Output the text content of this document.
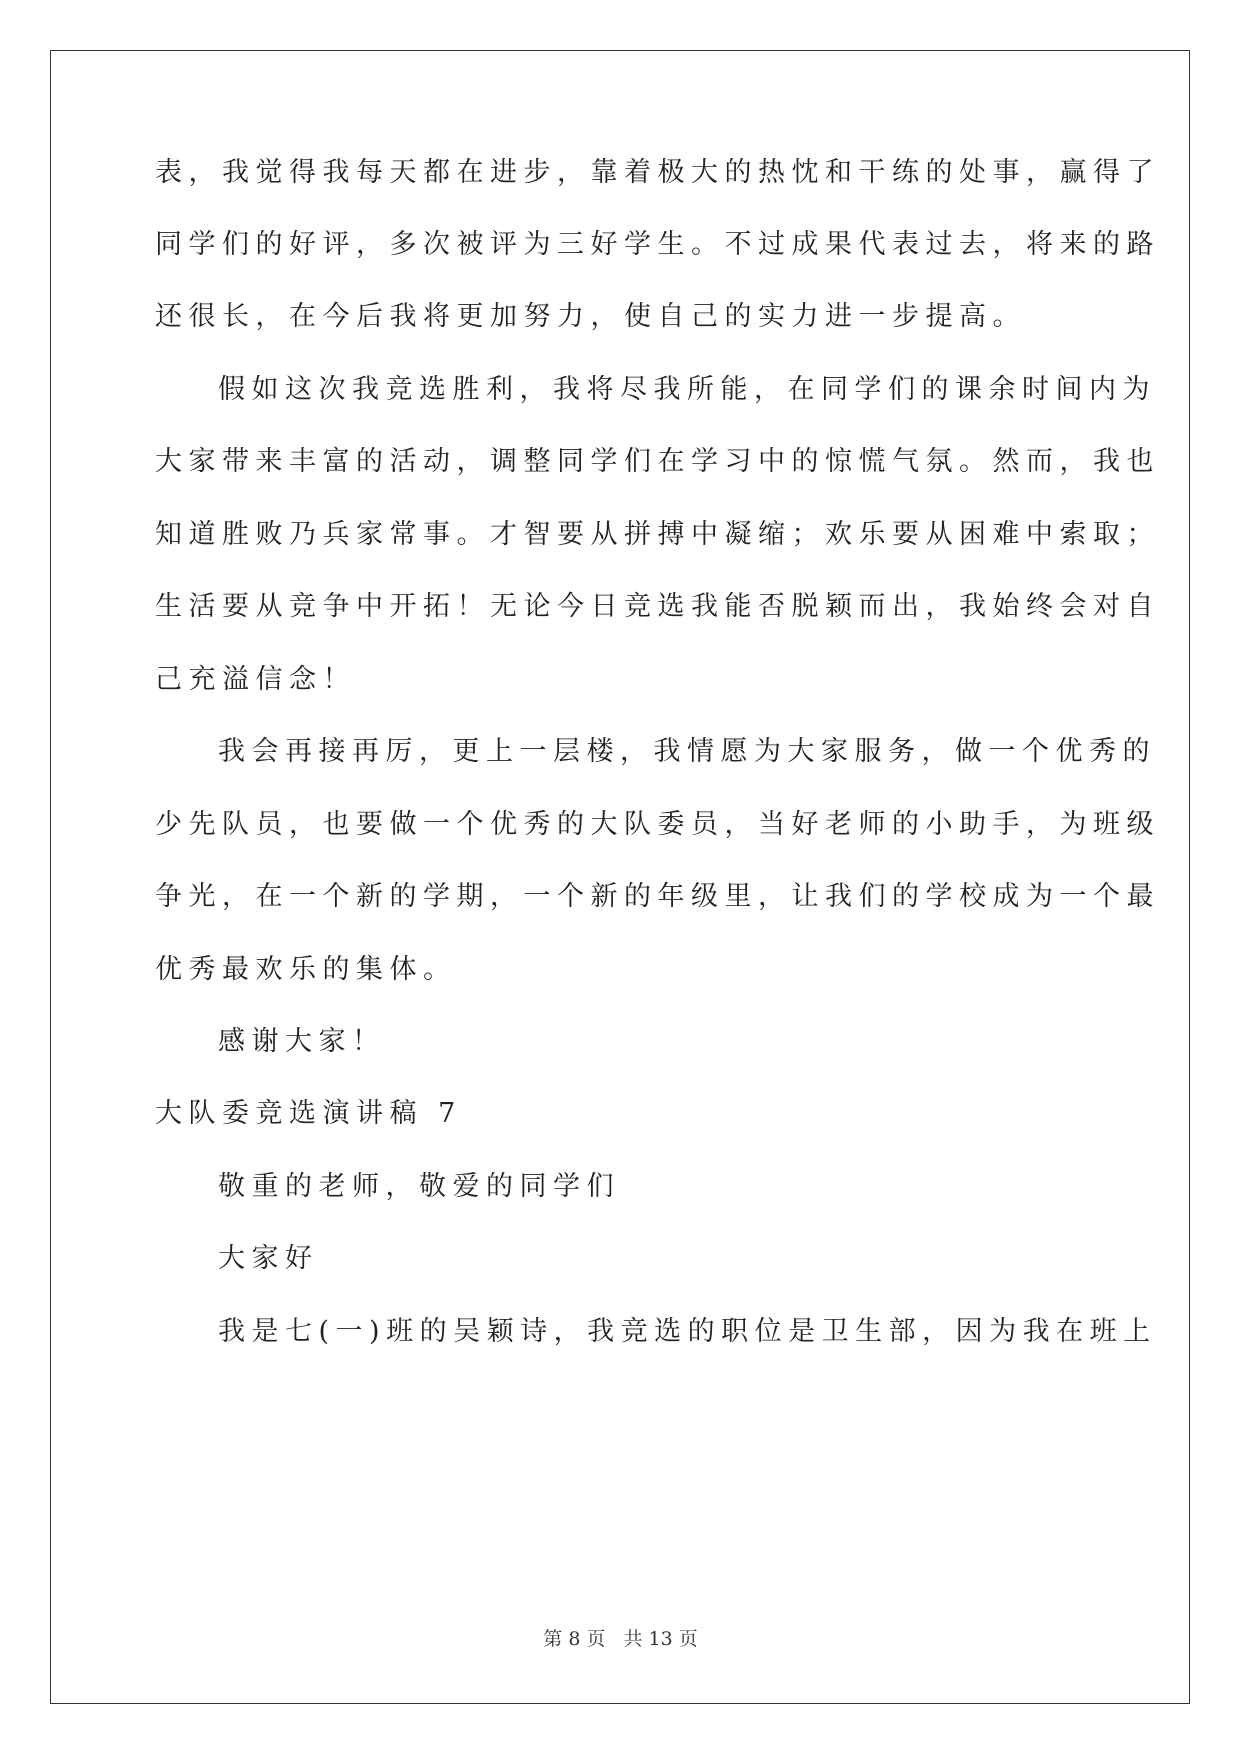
表，我觉得我每天都在进步，靠着极大的热忱和干练的处事，赢得了
同学们的好评，多次被评为三好学生。不过成果代表过去，将来的路
还很长，在今后我将更加努力，使自己的实力进一步提高。
假如这次我竞选胜利，我将尽我所能，在同学们的课余时间内为
大家带来丰富的活动，调整同学们在学习中的惊慌气氛。然而，我也
知道胜败乃兵家常事。才智要从拼搏中凝缩；欢乐要从困难中索取；
生活要从竞争中开拓！无论今日竞选我能否脱颖而出，我始终会对自
己充溢信念！
我会再接再厉，更上一层楼，我情愿为大家服务，做一个优秀的
少先队员，也要做一个优秀的大队委员，当好老师的小助手，为班级
争光，在一个新的学期，一个新的年级里，让我们的学校成为一个最
优秀最欢乐的集体。
感谢大家！
大队委竞选演讲稿 7
敬重的老师，敬爱的同学们
大家好
我是七(一)班的吴颖诗，我竞选的职位是卫生部，因为我在班上
第 8 页 共 13 页
